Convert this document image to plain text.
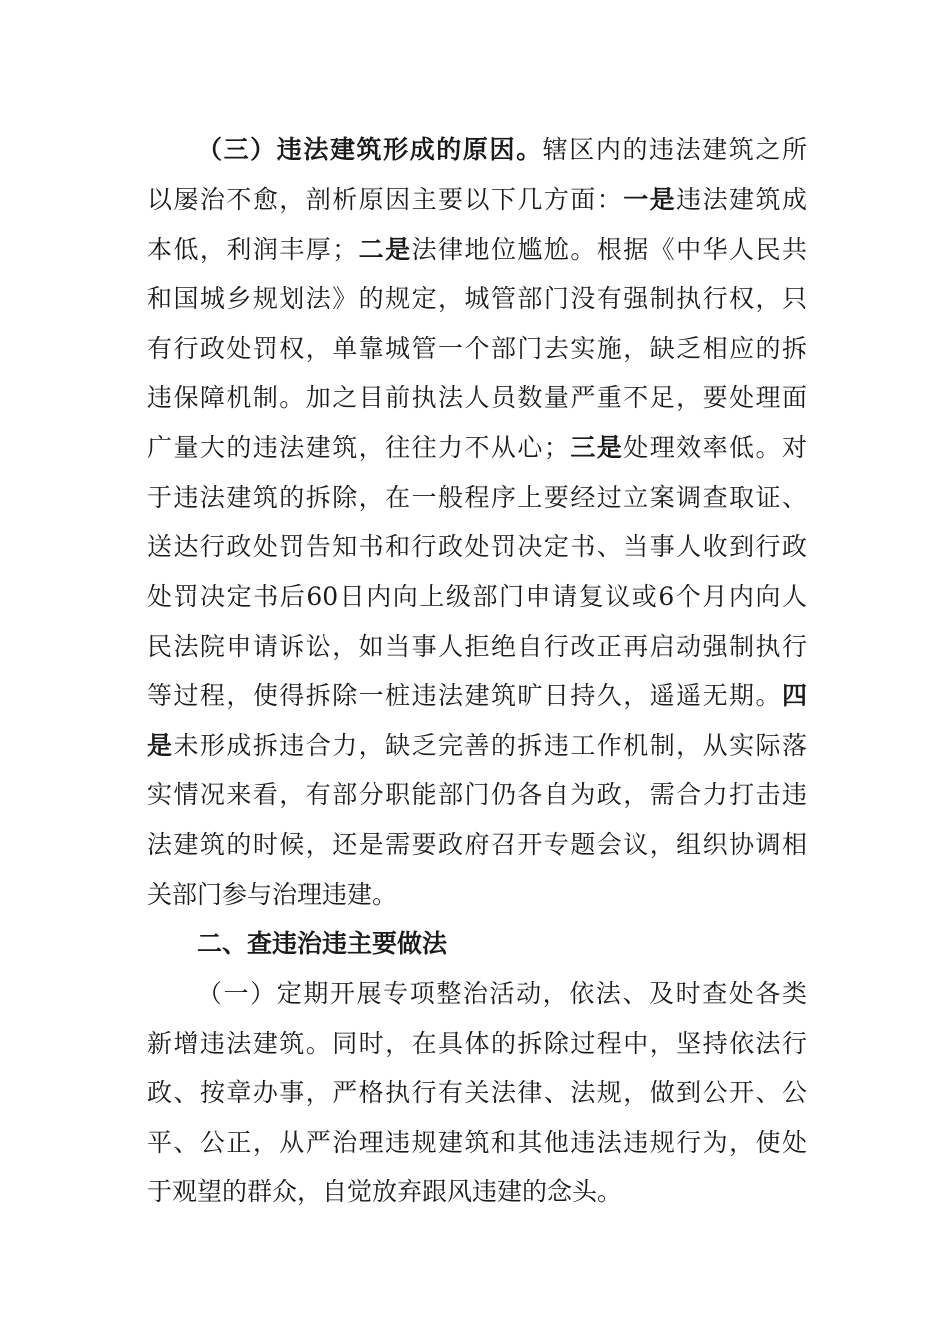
（三）违法建筑形成的原因。辖区内的违法建筑之所
以屡治不愈，剖析原因主要以下几方面：一是违法建筑成
本低，利润丰厚；二是法律地位尴尬。根据《中华人民共
和国城乡规划法》的规定，城管部门没有强制执行权，只
有行政处罚权，单靠城管一个部门去实施，缺乏相应的拆
违保障机制。加之目前执法人员数量严重不足，要处理面
广量大的违法建筑，往往力不从心；三是处理效率低。对
于违法建筑的拆除，在一般程序上要经过立案调查取证、
送达行政处罚告知书和行政处罚决定书、当事人收到行政
处罚决定书后60日内向上级部门申请复议或6个月内向人
民法院申请诉讼，如当事人拒绝自行改正再启动强制执行
等过程，使得拆除一桩违法建筑旷日持久，遥遥无期。四
是未形成拆违合力，缺乏完善的拆违工作机制，从实际落
实情况来看，有部分职能部门仍各自为政，需合力打击违
法建筑的时候，还是需要政府召开专题会议，组织协调相
关部门参与治理违建。
二、查违治违主要做法
（一）定期开展专项整治活动，依法、及时查处各类
新增违法建筑。同时，在具体的拆除过程中，坚持依法行
政、按章办事，严格执行有关法律、法规，做到公开、公
平、公正，从严治理违规建筑和其他违法违规行为，使处
于观望的群众，自觉放弃跟风违建的念头。
